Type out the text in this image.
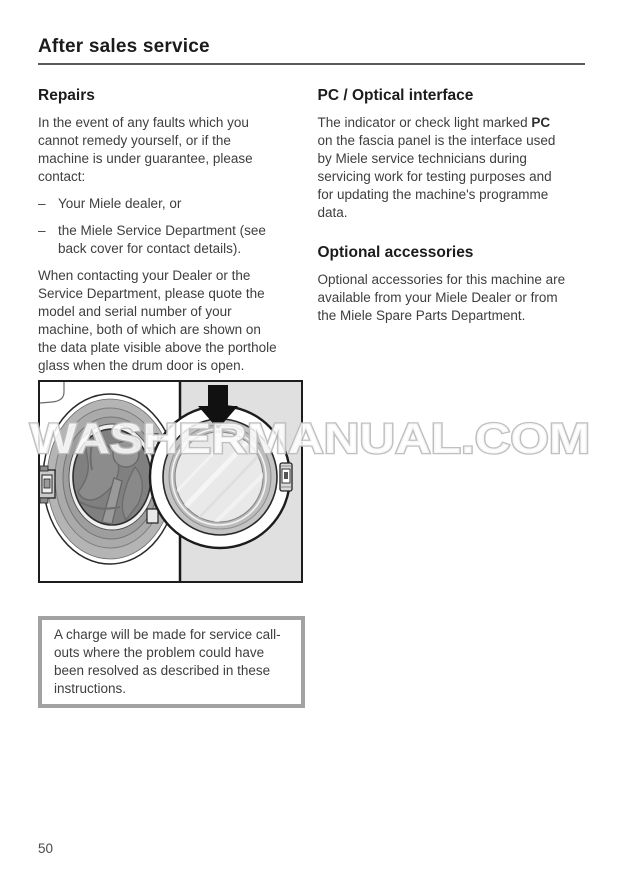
After sales service
Repairs

In the event of any faults which you cannot remedy yourself, or if the machine is under guarantee, please contact:

– Your Miele dealer, or
– the Miele Service Department (see back cover for contact details).

When contacting your Dealer or the Service Department, please quote the model and serial number of your machine, both of which are shown on the data plate visible above the porthole glass when the drum door is open.

A charge will be made for service call-outs where the problem could have been resolved as described in these instructions.

PC / Optical interface

The indicator or check light marked PC on the fascia panel is the interface used by Miele service technicians during servicing work for testing purposes and for updating the machine's programme data.

Optional accessories

Optional accessories for this machine are available from your Miele Dealer or from the Miele Spare Parts Department.

WASHERMANUAL.COM
50
